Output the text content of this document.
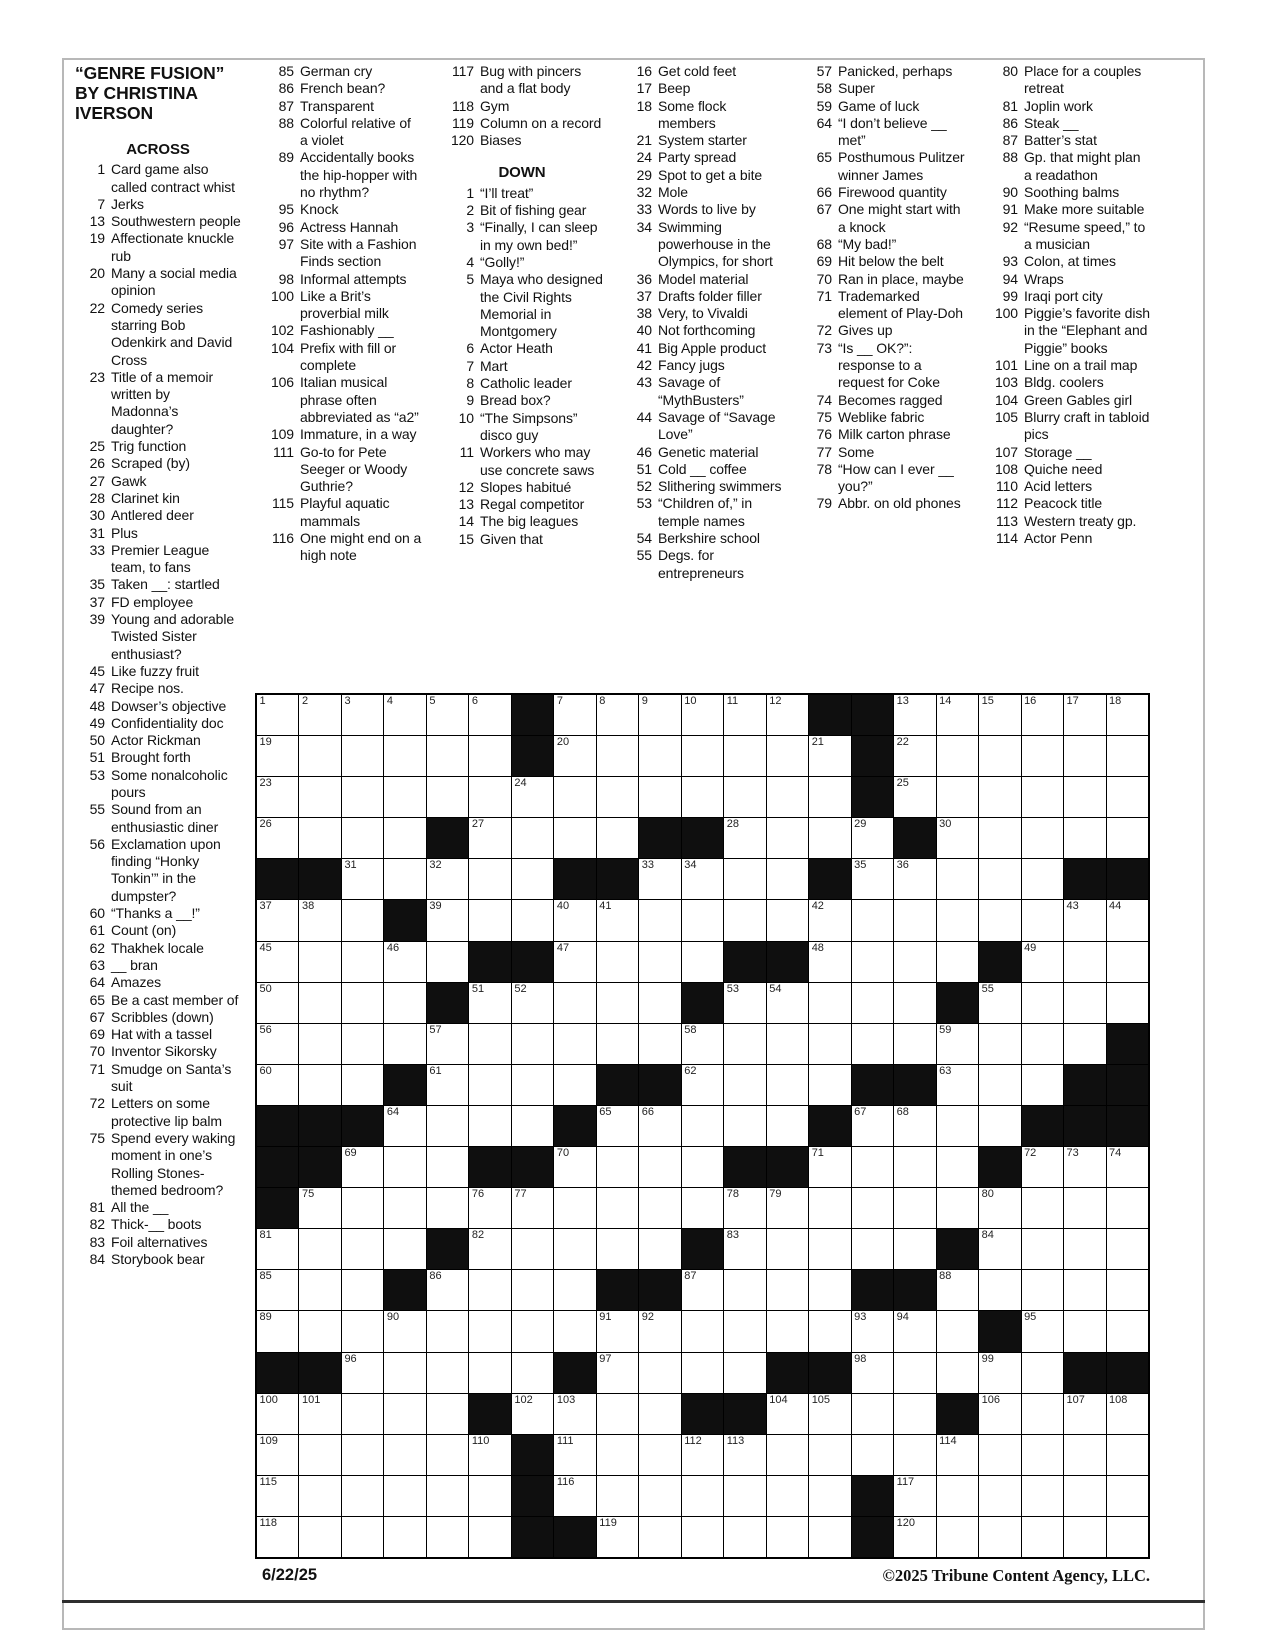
“GENRE FUSION”
BY CHRISTINA
IVERSON
ACROSS
1 Card game also called contract whist
7 Jerks
13 Southwestern people
19 Affectionate knuckle rub
20 Many a social media opinion
22 Comedy series starring Bob Odenkirk and David Cross
23 Title of a memoir written by Madonna’s daughter?
25 Trig function
26 Scraped (by)
27 Gawk
28 Clarinet kin
30 Antlered deer
31 Plus
33 Premier League team, to fans
35 Taken __: startled
37 FD employee
39 Young and adorable Twisted Sister enthusiast?
45 Like fuzzy fruit
47 Recipe nos.
48 Dowser’s objective
49 Confidentiality doc
50 Actor Rickman
51 Brought forth
53 Some nonalcoholic pours
55 Sound from an enthusiastic diner
56 Exclamation upon finding “Honky Tonkin’” in the dumpster?
60 “Thanks a __!”
61 Count (on)
62 Thakhek locale
63 __ bran
64 Amazes
65 Be a cast member of
67 Scribbles (down)
69 Hat with a tassel
70 Inventor Sikorsky
71 Smudge on Santa’s suit
72 Letters on some protective lip balm
75 Spend every waking moment in one’s Rolling Stones-themed bedroom?
81 All the __
82 Thick-__ boots
83 Foil alternatives
84 Storybook bear
85 German cry
86 French bean?
87 Transparent
88 Colorful relative of a violet
89 Accidentally books the hip-hopper with no rhythm?
95 Knock
96 Actress Hannah
97 Site with a Fashion Finds section
98 Informal attempts
100 Like a Brit’s proverbial milk
102 Fashionably __
104 Prefix with fill or complete
106 Italian musical phrase often abbreviated as “a2”
109 Immature, in a way
111 Go-to for Pete Seeger or Woody Guthrie?
115 Playful aquatic mammals
116 One might end on a high note
117 Bug with pincers and a flat body
118 Gym
119 Column on a record
120 Biases
DOWN
1 “I’ll treat”
2 Bit of fishing gear
3 “Finally, I can sleep in my own bed!”
4 “Golly!”
5 Maya who designed the Civil Rights Memorial in Montgomery
6 Actor Heath
7 Mart
8 Catholic leader
9 Bread box?
10 “The Simpsons” disco guy
11 Workers who may use concrete saws
12 Slopes habitué
13 Regal competitor
14 The big leagues
15 Given that
16 Get cold feet
17 Beep
18 Some flock members
21 System starter
24 Party spread
29 Spot to get a bite
32 Mole
33 Words to live by
34 Swimming powerhouse in the Olympics, for short
36 Model material
37 Drafts folder filler
38 Very, to Vivaldi
40 Not forthcoming
41 Big Apple product
42 Fancy jugs
43 Savage of “MythBusters”
44 Savage of “Savage Love”
46 Genetic material
51 Cold __ coffee
52 Slithering swimmers
53 “Children of,” in temple names
54 Berkshire school
55 Degs. for entrepreneurs
57 Panicked, perhaps
58 Super
59 Game of luck
64 “I don’t believe __ met”
65 Posthumous Pulitzer winner James
66 Firewood quantity
67 One might start with a knock
68 “My bad!”
69 Hit below the belt
70 Ran in place, maybe
71 Trademarked element of Play-Doh
72 Gives up
73 “Is __ OK?”: response to a request for Coke
74 Becomes ragged
75 Weblike fabric
76 Milk carton phrase
77 Some
78 “How can I ever __ you?”
79 Abbr. on old phones
80 Place for a couples retreat
81 Joplin work
86 Steak __
87 Batter’s stat
88 Gp. that might plan a readathon
90 Soothing balms
91 Make more suitable
92 “Resume speed,” to a musician
93 Colon, at times
94 Wraps
99 Iraqi port city
100 Piggie’s favorite dish in the “Elephant and Piggie” books
101 Line on a trail map
103 Bldg. coolers
104 Green Gables girl
105 Blurry craft in tabloid pics
107 Storage __
108 Quiche need
110 Acid letters
112 Peacock title
113 Western treaty gp.
114 Actor Penn
1	2	3	4	5	6	7	8	9	10	11	12	13	14	15	16	17	18
19	20	21	22
23	24	25
26	27	28	29	30
31	32	33	34	35	36
37	38	39	40	41	42	43	44
45	46	47	48	49
50	51	52	53	54	55
56	57	58	59
60	61	62	63
64	65	66	67	68
69	70	71	72	73	74
75	76	77	78	79	80
81	82	83	84
85	86	87	88
89	90	91	92	93	94	95
96	97	98	99
100 101	102 103	104 105	106	107 108
109	110	111	112 113	114
115	116	117
118	119	120
6/22/25	©2025 Tribune Content Agency, LLC.
